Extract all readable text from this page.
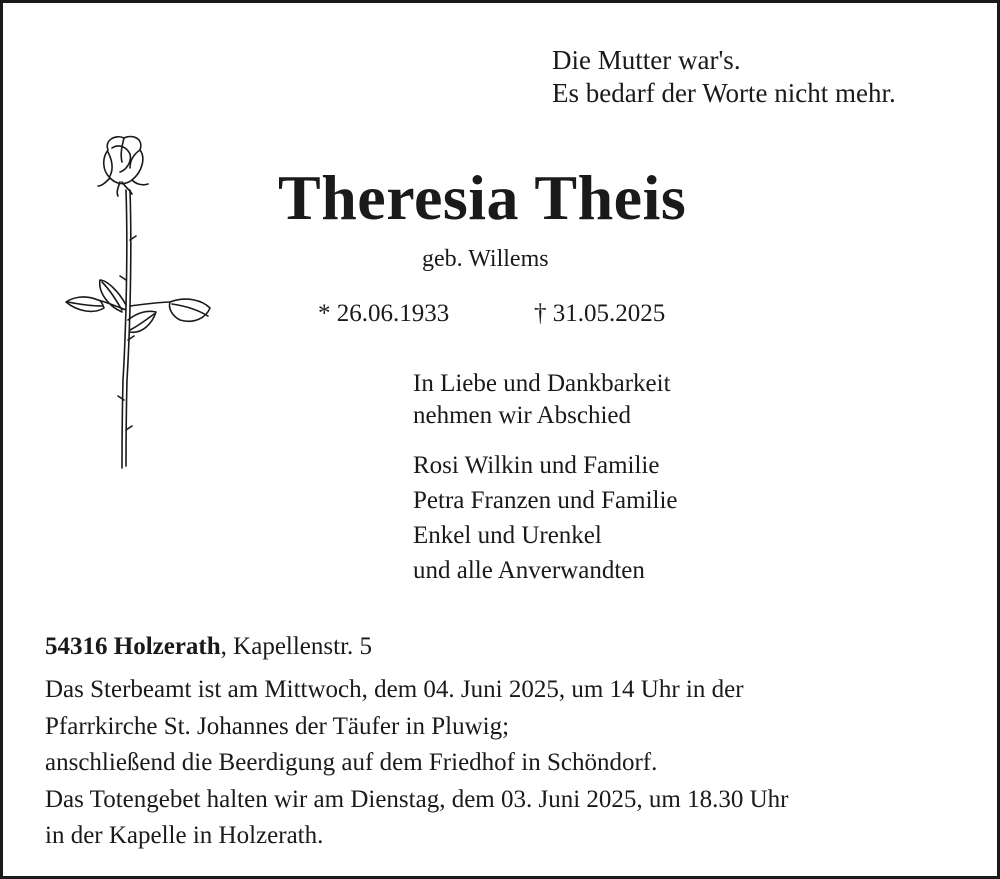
Die Mutter war's.
Es bedarf der Worte nicht mehr.
Theresia Theis
geb. Willems
* 26.06.1933	† 31.05.2025
In Liebe und Dankbarkeit
nehmen wir Abschied
Rosi Wilkin und Familie
Petra Franzen und Familie
Enkel und Urenkel
und alle Anverwandten
54316 Holzerath, Kapellenstr. 5
Das Sterbeamt ist am Mittwoch, dem 04. Juni 2025, um 14 Uhr in der
Pfarrkirche St. Johannes der Täufer in Pluwig;
anschließend die Beerdigung auf dem Friedhof in Schöndorf.
Das Totengebet halten wir am Dienstag, dem 03. Juni 2025, um 18.30 Uhr
in der Kapelle in Holzerath.
